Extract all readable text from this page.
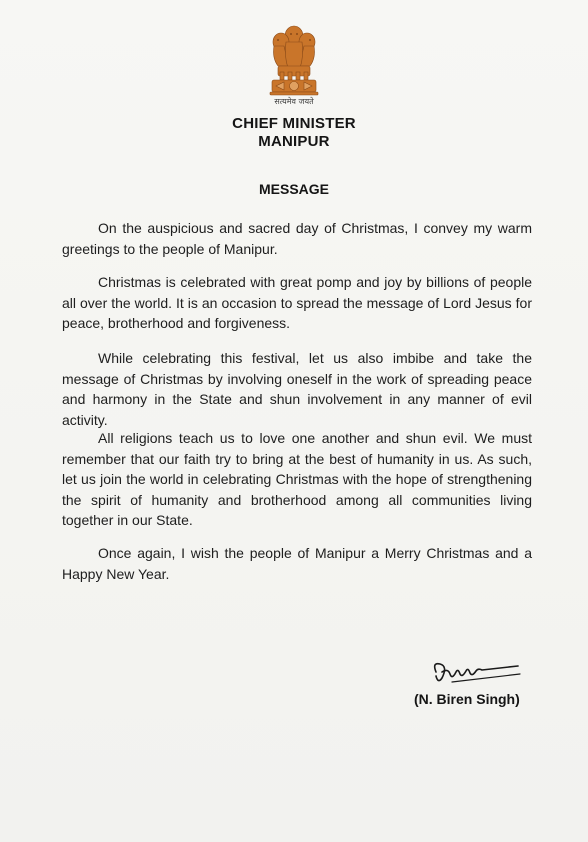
सत्यमेव जयते
CHIEF MINISTER
MANIPUR
MESSAGE

On the auspicious and sacred day of Christmas, I convey my warm greetings to the people of Manipur.

Christmas is celebrated with great pomp and joy by billions of people all over the world. It is an occasion to spread the message of Lord Jesus for peace, brotherhood and forgiveness.

While celebrating this festival, let us also imbibe and take the message of Christmas by involving oneself in the work of spreading peace and harmony in the State and shun involvement in any manner of evil activity.

All religions teach us to love one another and shun evil. We must remember that our faith try to bring at the best of humanity in us. As such, let us join the world in celebrating Christmas with the hope of strengthening the spirit of humanity and brotherhood among all communities living together in our State.

Once again, I wish the people of Manipur a Merry Christmas and a Happy New Year.

(N. Biren Singh)
